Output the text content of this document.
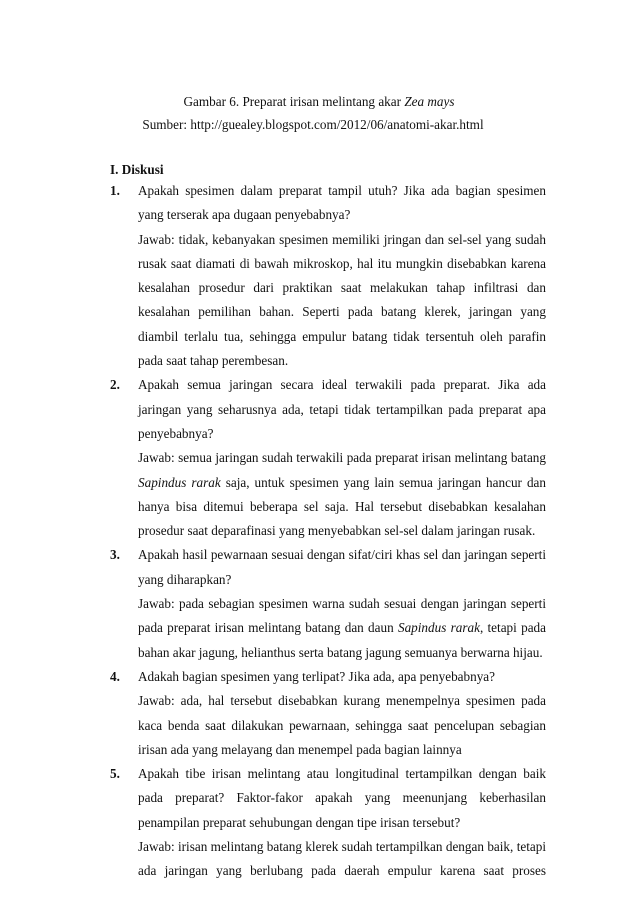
Gambar 6. Preparat irisan melintang akar Zea mays
Sumber: http://guealey.blogspot.com/2012/06/anatomi-akar.html
I. Diskusi
1. Apakah spesimen dalam preparat tampil utuh? Jika ada bagian spesimen yang terserak apa dugaan penyebabnya?

Jawab: tidak, kebanyakan spesimen memiliki jringan dan sel-sel yang sudah rusak saat diamati di bawah mikroskop, hal itu mungkin disebabkan karena kesalahan prosedur dari praktikan saat melakukan tahap infiltrasi dan kesalahan pemilihan bahan. Seperti pada batang klerek, jaringan yang diambil terlalu tua, sehingga empulur batang tidak tersentuh oleh parafin pada saat tahap perembesan.

2. Apakah semua jaringan secara ideal terwakili pada preparat. Jika ada jaringan yang seharusnya ada, tetapi tidak tertampilkan pada preparat apa penyebabnya?

Jawab: semua jaringan sudah terwakili pada preparat irisan melintang batang Sapindus rarak saja, untuk spesimen yang lain semua jaringan hancur dan hanya bisa ditemui beberapa sel saja. Hal tersebut disebabkan kesalahan prosedur saat deparafinasi yang menyebabkan sel-sel dalam jaringan rusak.

3. Apakah hasil pewarnaan sesuai dengan sifat/ciri khas sel dan jaringan seperti yang diharapkan?

Jawab: pada sebagian spesimen warna sudah sesuai dengan jaringan seperti pada preparat irisan melintang batang dan daun Sapindus rarak, tetapi pada bahan akar jagung, helianthus serta batang jagung semuanya berwarna hijau.

4. Adakah bagian spesimen yang terlipat? Jika ada, apa penyebabnya?

Jawab: ada, hal tersebut disebabkan kurang menempelnya spesimen pada kaca benda saat dilakukan pewarnaan, sehingga saat pencelupan sebagian irisan ada yang melayang dan menempel pada bagian lainnya

5. Apakah tibe irisan melintang atau longitudinal tertampilkan dengan baik pada preparat? Faktor-fakor apakah yang meenunjang keberhasilan penampilan preparat sehubungan dengan tipe irisan tersebut?

Jawab: irisan melintang batang klerek sudah tertampilkan dengan baik, tetapi ada jaringan yang berlubang pada daerah empulur karena saat proses
